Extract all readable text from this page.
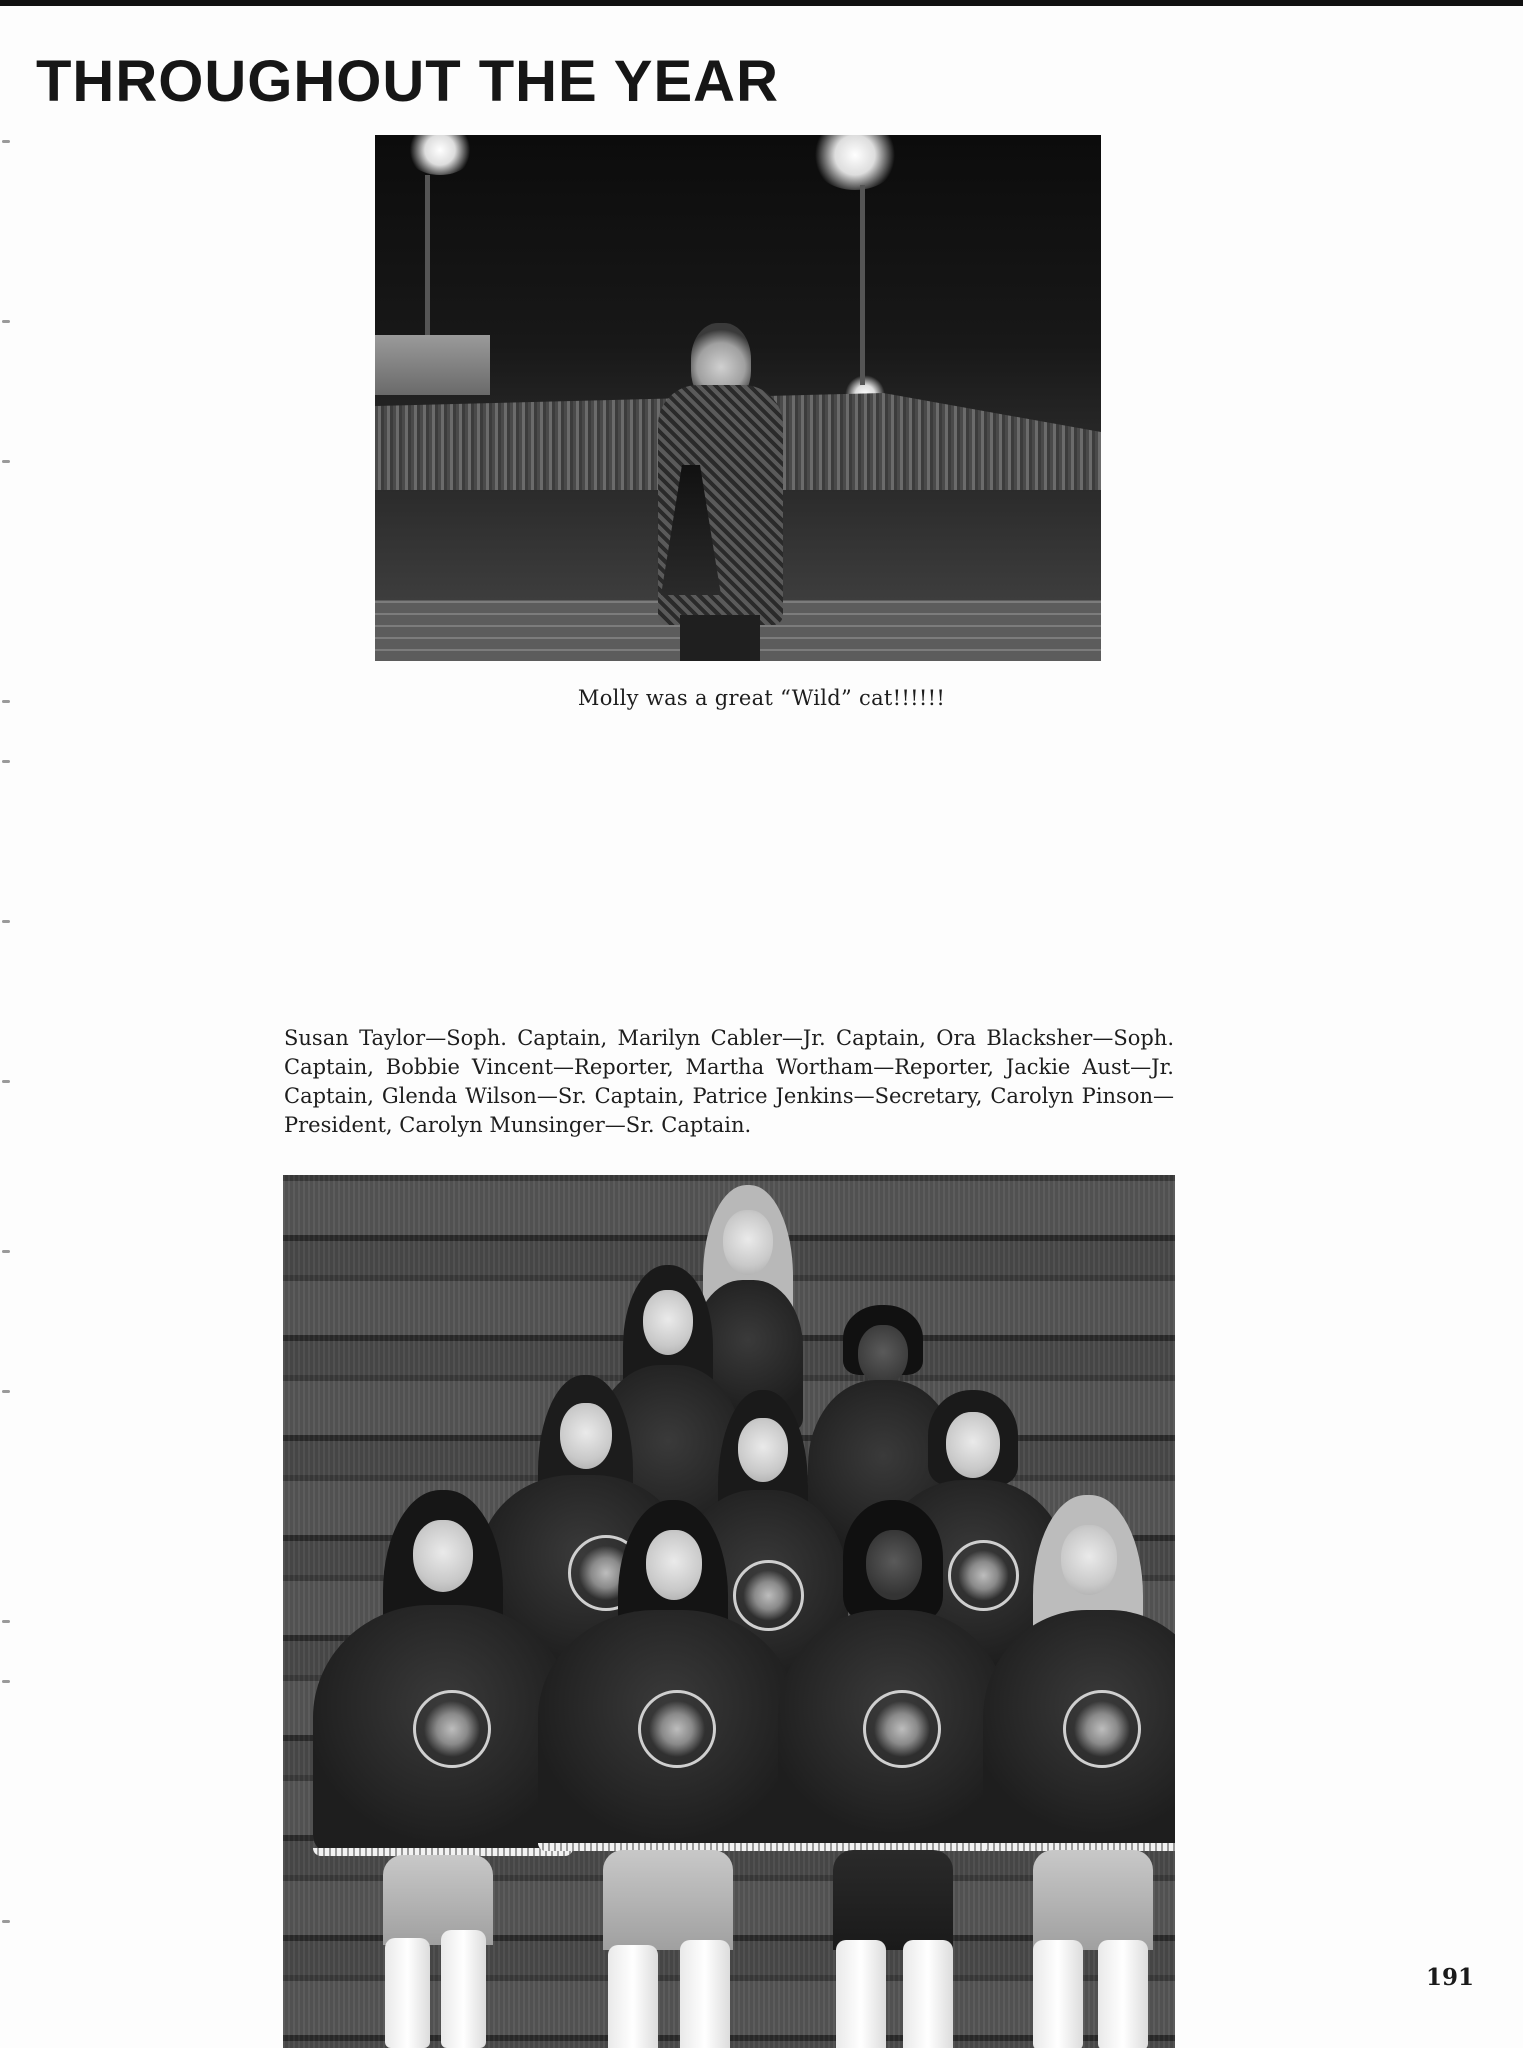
THROUGHOUT THE YEAR
Molly was a great “Wild” cat!!!!!!

Susan Taylor—Soph. Captain, Marilyn Cabler—Jr. Captain, Ora Blacksher—Soph. Captain, Bobbie Vincent—Reporter, Martha Wortham—Reporter, Jackie Aust—Jr. Captain, Glenda Wilson—Sr. Captain, Patrice Jenkins—Secretary, Carolyn Pinson—President, Carolyn Munsinger—Sr. Captain.

191
